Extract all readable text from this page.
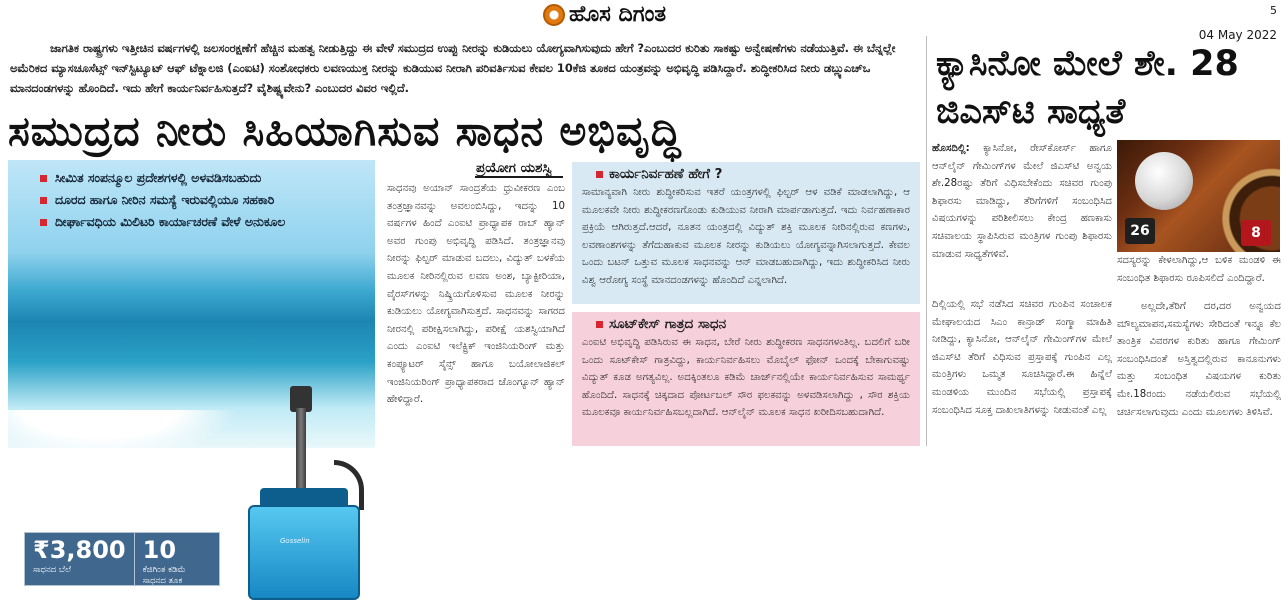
ಹೊಸ ದಿಗಂತ	5
04 May 2022

ಜಾಗತಿಕ ರಾಷ್ಟ್ರಗಳು ಇತ್ತೀಚಿನ ವರ್ಷಗಳಲ್ಲಿ ಜಲಸಂರಕ್ಷಣೆಗೆ ಹೆಚ್ಚಿನ ಮಹತ್ವ ನೀಡುತ್ತಿದ್ದು ಈ ವೇಳೆ ಸಮುದ್ರದ ಉಪ್ಪು ನೀರನ್ನು ಕುಡಿಯಲು ಯೋಗ್ಯವಾಗಿಸುವುದು ಹೇಗೆ ?ಎಂಬುದರ ಕುರಿತು ಸಾಕಷ್ಟು ಅನ್ವೇಷಣೆಗಳು ನಡೆಯುತ್ತಿವೆ. ಈ ಬೆನ್ನಲ್ಲೇ ಅಮೆರಿಕದ ಮ್ಯಾಸಚೂಸೆಟ್ಸ್ ಇನ್‌ಸ್ಟಿಟ್ಯೂಟ್ ಆಫ್ ಟೆಕ್ನಾಲಜಿ (ಎಂಐಟಿ) ಸಂಶೋಧಕರು ಲವಣಯುಕ್ತ ನೀರನ್ನು ಕುಡಿಯುವ ನೀರಾಗಿ ಪರಿವರ್ತಿಸುವ ಕೇವಲ 10ಕೆಜಿ ತೂಕದ ಯಂತ್ರವನ್ನು ಅಭಿವೃದ್ಧಿ ಪಡಿಸಿದ್ದಾರೆ. ಶುದ್ಧೀಕರಿಸಿದ ನೀರು ಡಬ್ಲ್ಯುಎಚ್‌ಒ ಮಾನದಂಡಗಳನ್ನು ಹೊಂದಿದೆ. ಇದು ಹೇಗೆ ಕಾರ್ಯನಿರ್ವಹಿಸುತ್ತದೆ? ವೈಶಿಷ್ಟ್ಯವೇನು? ಎಂಬುದರ ವಿವರ ಇಲ್ಲಿದೆ.

ಸಮುದ್ರದ ನೀರು ಸಿಹಿಯಾಗಿಸುವ ಸಾಧನ ಅಭಿವೃದ್ಧಿ
ಸೀಮಿತ ಸಂಪನ್ಮೂಲ ಪ್ರದೇಶಗಳಲ್ಲಿ ಅಳವಡಿಸಬಹುದು
ದೂರದ ಹಾಗೂ ನೀರಿನ ಸಮಸ್ಯೆ ಇರುವಲ್ಲಿಯೂ ಸಹಕಾರಿ
ದೀರ್ಘಾವಧಿಯ ಮಿಲಿಟರಿ ಕಾರ್ಯಾಚರಣೆ ವೇಳೆ ಅನುಕೂಲ
Gosselin
₹3,800
ಸಾಧನದ ಬೆಲೆ
10
ಕೆಜಿಗಿಂತ ಕಡಿಮೆ ಸಾಧನದ ತೂಕ
ಪ್ರಯೋಗ ಯಶಸ್ವಿ

ಸಾಧನವು ಅಯಾನ್ ಸಾಂದ್ರತೆಯ ಧ್ರುವೀಕರಣ ಎಂಬ ತಂತ್ರಜ್ಞಾನವನ್ನು ಅವಲಂಬಿಸಿದ್ದು, ಇದನ್ನು 10 ವರ್ಷಗಳ ಹಿಂದೆ ಎಂಐಟಿ ಪ್ರಾಧ್ಯಾಪಕ ರಾಬ್ ಹ್ಯಾನ್ ಅವರ ಗುಂಪು ಅಭಿವೃದ್ಧಿ ಪಡಿಸಿದೆ. ತಂತ್ರಜ್ಞಾನವು ನೀರನ್ನು ಫಿಲ್ಟರ್ ಮಾಡುವ ಬದಲು, ವಿದ್ಯುತ್ ಬಳಕೆಯ ಮೂಲಕ ನೀರಿನಲ್ಲಿರುವ ಲವಣ ಅಂಶ, ಬ್ಯಾಕ್ಟೀರಿಯಾ, ವೈರಸ್‌ಗಳನ್ನು ನಿಷ್ಕ್ರಿಯಗೊಳಿಸುವ ಮೂಲಕ ನೀರನ್ನು ಕುಡಿಯಲು ಯೋಗ್ಯವಾಗಿಸುತ್ತದೆ. ಸಾಧನವನ್ನು ಸಾಗರದ ನೀರನಲ್ಲಿ ಪರೀಕ್ಷಿಸಲಾಗಿದ್ದು, ಪರೀಕ್ಷೆ ಯಶಸ್ವಿಯಾಗಿದೆ ಎಂದು ಎಂಐಟಿ ಇಲೆಕ್ಟ್ರಿಕ್ ಇಂಜಿನಿಯರಿಂಗ್ ಮತ್ತು ಕಂಪ್ಯೂಟರ್ ಸೈನ್ಸ್ ಹಾಗೂ ಬಯೋಲಾಜಿಕಲ್ ಇಂಜಿನಿಯರಿಂಗ್ ಪ್ರಾಧ್ಯಾಪಕರಾದ ಜೊಂಗ್ಯೂನ್ ಹ್ಯಾನ್ ಹೇಳಿದ್ದಾರೆ.

ಕಾರ್ಯನಿರ್ವಹಣೆ ಹೇಗೆ ?

ಸಾಮಾನ್ಯವಾಗಿ ನೀರು ಶುದ್ಧೀಕರಿಸುವ ಇತರೆ ಯಂತ್ರಗಳಲ್ಲಿ ಫಿಲ್ಟರ್ ಆಳ ವಡಿಕೆ ಮಾಡಲಾಗಿದ್ದು, ಆ ಮೂಲಕವೇ ನೀರು ಶುದ್ಧೀಕರಣಗೊಂಡು ಕುಡಿಯುವ ನೀರಾಗಿ ಮಾರ್ಪಡಾಗುತ್ತದೆ. ಇದು ನಿರ್ವಹಣಾಕಾರ ಪ್ರಕ್ರಿಯೆ ಆಗಿರುತ್ತದೆ.ಆದರೆ, ನೂತನ ಯಂತ್ರದಲ್ಲಿ ವಿದ್ಯುತ್ ಶಕ್ತಿ ಮೂಲಕ ನೀರಿನಲ್ಲಿರುವ ಕಣಗಳು, ಲವಣಾಂಶಗಳನ್ನು ತೆಗೆದುಹಾಕುವ ಮೂಲಕ ನೀರನ್ನು ಕುಡಿಯಲು ಯೋಗ್ಯವನ್ನಾಗಿಸಲಾಗುತ್ತದೆ. ಕೇವಲ ಒಂದು ಬಟನ್ ಒತ್ತುವ ಮೂಲಕ ಸಾಧನವನ್ನು ಆನ್ ಮಾಡಬಹುದಾಗಿದ್ದು, ಇದು ಶುದ್ಧೀಕರಿಸಿದ ನೀರು ವಿಶ್ವ ಆರೋಗ್ಯ ಸಂಸ್ಥೆ ಮಾನದಂಡಗಳನ್ನು ಹೊಂದಿದೆ ಎನ್ನಲಾಗಿದೆ.

ಸೂಟ್‌ಕೇಸ್ ಗಾತ್ರದ ಸಾಧನ

ಎಂಐಟಿ ಅಭಿವೃದ್ಧಿ ಪಡಿಸಿರುವ ಈ ಸಾಧನ, ಬೇರೆ ನೀರು ಶುದ್ಧೀಕರಣ ಸಾಧನಗಳಂತಿಲ್ಲ. ಬದಲಿಗೆ ಬರೀ ಒಂದು ಸೂಟ್‌ಕೇಸ್ ಗಾತ್ರವಿದ್ದು, ಕಾರ್ಯನಿರ್ವಹಿಸಲು ಮೊಬೈಲ್ ಫೋನ್ ಒಂದಕ್ಕೆ ಬೇಕಾಗುವಷ್ಟು ವಿದ್ಯುತ್ ಕೂಡ ಅಗತ್ಯವಿಲ್ಲ. ಅದಕ್ಕಿಂತಲೂ ಕಡಿಮೆ ಚಾರ್ಜ್‌ನಲ್ಲಿಯೇ ಕಾರ್ಯನಿರ್ವಹಿಸುವ ಸಾಮರ್ಥ್ಯ ಹೊಂದಿದೆ. ಸಾಧನಕ್ಕೆ ಚಿಕ್ಕದಾದ ಪೋರ್ಟಬಲ್ ಸೌರ ಫಲಕವನ್ನು ಅಳವಡಿಸಲಾಗಿದ್ದು , ಸೌರ ಶಕ್ತಿಯ ಮೂಲಕವೂ ಕಾರ್ಯನಿರ್ವಹಿಸಬಲ್ಲದಾಗಿದೆ. ಆನ್‌ಲೈನ್ ಮೂಲಕ ಸಾಧನ ಖರೀದಿಸಬಹುದಾಗಿದೆ.

ಕ್ಯಾಸಿನೋ ಮೇಲೆ ಶೇ. 28 ಜಿಎಸ್‌ಟಿ ಸಾಧ್ಯತೆ

ಹೊಸದಿಲ್ಲಿ: ಕ್ಯಾಸಿನೋ, ರೇಸ್‌ಕೋರ್ಸ್ ಹಾಗೂ ಆನ್‌ಲೈನ್ ಗೇಮಿಂಗ್‌ಗಳ ಮೇಲೆ ಜಿಎಸ್‌ಟಿ ಅನ್ವಯ ಶೇ.28ರಷ್ಟು ತೆರಿಗೆ ವಿಧಿಸಬೇಕೆಂದು ಸಚಿವರ ಗುಂಪು ಶಿಫಾರಸು ಮಾಡಿದ್ದು, ತೆರಿಗೆಗಳಿಗೆ ಸಂಬಂಧಿಸಿದ ವಿಷಯಗಳನ್ನು ಪರಿಶೀಲಿಸಲು ಕೇಂದ್ರ ಹಣಕಾಸು ಸಚಿವಾಲಯ ಸ್ಥಾಪಿಸಿರುವ ಮಂತ್ರಿಗಳ ಗುಂಪು ಶಿಫಾರಸು ಮಾಡುವ ಸಾಧ್ಯತೆಗಳಿವೆ.

26	8

ದಿಲ್ಲಿಯಲ್ಲಿ ಸಭೆ ನಡೆಸಿದ ಸಚಿವರ ಗುಂಪಿನ ಸಂಚಾಲಕ ಮೇಘಾಲಯದ ಸಿಎಂ ಕಾನ್ರಾಡ್ ಸಂಗ್ಮಾ ಮಾಹಿತಿ ನೀಡಿದ್ದು, ಕ್ಯಾಸಿನೋ, ಆನ್‌ಲೈನ್ ಗೇಮಿಂಗ್‌ಗಳ ಮೇಲೆ ಜಿಎಸ್‌ಟಿ ತೆರಿಗೆ ವಿಧಿಸುವ ಪ್ರಸ್ತಾಪಕ್ಕೆ ಗುಂಪಿನ ಎಲ್ಲ ಮಂತ್ರಿಗಳು ಒಮ್ಮತ ಸೂಚಿಸಿದ್ದಾರೆ.ಈ ಹಿನ್ನೆಲೆ ಮಂಡಳಿಯ ಮುಂದಿನ ಸಭೆಯಲ್ಲಿ ಪ್ರಸ್ತಾಪಕ್ಕೆ ಸಂಬಂಧಿಸಿದ ಸೂಕ್ತ ದಾಖಲಾತಿಗಳನ್ನು ನೀಡುವಂತೆ ಎಲ್ಲ

ಸದಸ್ಯರನ್ನು ಕೇಳಲಾಗಿದ್ದು,ಆ ಬಳಿಕ ಮಂಡಳಿ ಈ ಸಂಬಂಧಿತ ಶಿಫಾರಸು ರೂಪಿಸಲಿದೆ ಎಂದಿದ್ದಾರೆ.

ಅಲ್ಲದೇ,ತೆರಿಗೆ ದರ,ದರ ಅನ್ವಯದ ಮೌಲ್ಯಮಾಪನ,ಸಮಸ್ಯೆಗಳು ಸೇರಿದಂತೆ ಇನ್ನೂ ಕೆಲ ತಾಂತ್ರಿಕ ವಿವರಗಳ ಕುರಿತು ಹಾಗೂ ಗೇಮಿಂಗ್ ಸಂಬಂಧಿಸಿದಂತೆ ಅಸ್ತಿತ್ವದಲ್ಲಿರುವ ಕಾನೂನುಗಳು ಮತ್ತು ಸಂಬಂಧಿತ ವಿಷಯಗಳ ಕುರಿತು ಮೇ.18ರಂದು ನಡೆಯಲಿರುವ ಸಭೆಯಲ್ಲಿ ಚರ್ಚಿಸಲಾಗುವುದು ಎಂದು ಮೂಲಗಳು ತಿಳಿಸಿವೆ.
